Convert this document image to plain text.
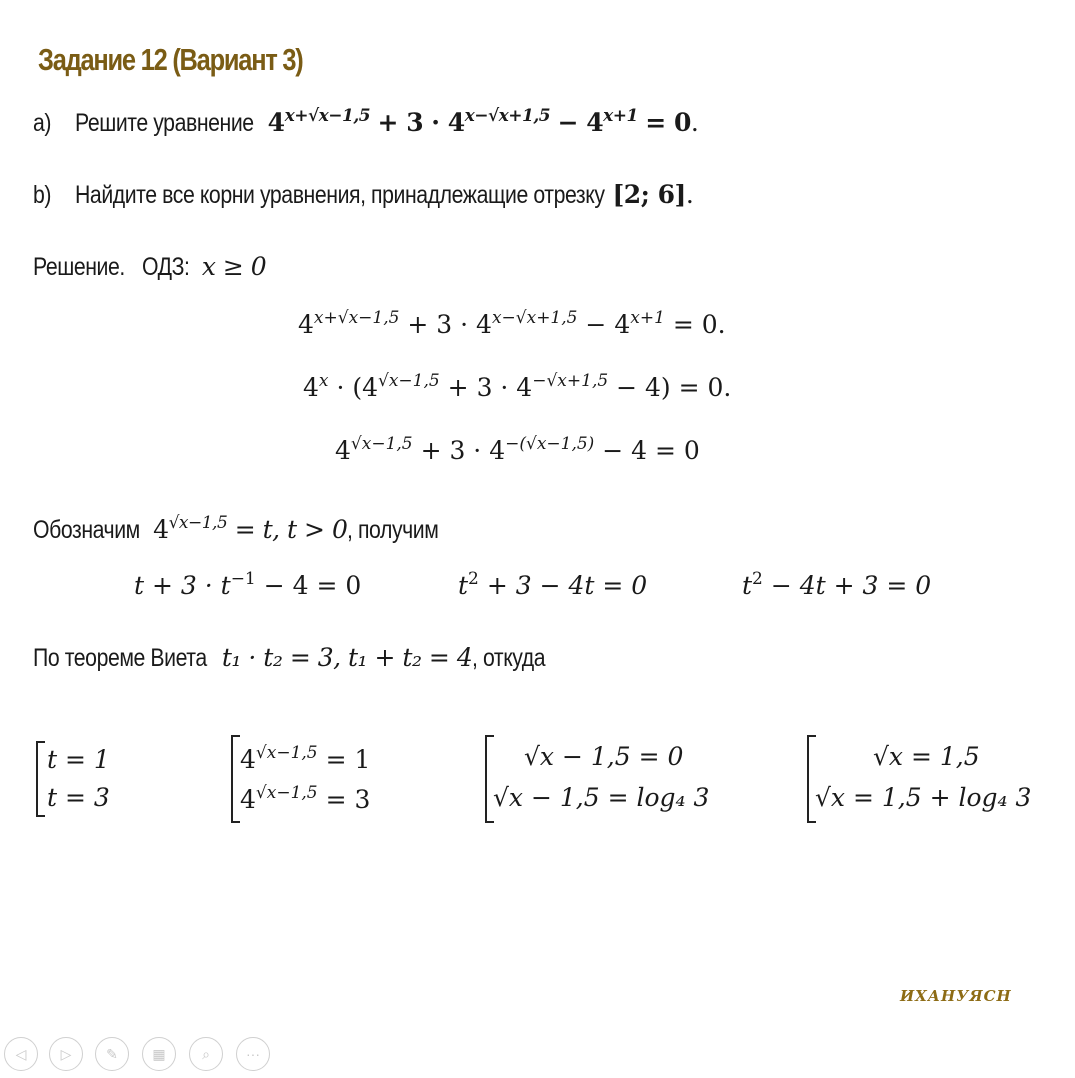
Задание 12 (Вариант 3)
a) Решите уравнение $4^{x+√x-1,5} + 3 \cdot 4^{x-√x+1,5} - 4^{x+1} = 0$.
b) Найдите все корни уравнения, принадлежащие отрезку [2; 6].
Решение. ОДЗ: x ≥ 0
$4^{x+√x-1,5} + 3 \cdot 4^{x-√x+1,5} - 4^{x+1} = 0$.
$4^x \cdot (4^{√x-1,5} + 3 \cdot 4^{-√x+1,5} - 4) = 0$.
$4^{√x-1,5} + 3 \cdot 4^{-(√x-1,5)} - 4 = 0$
Обозначим $4^{√x-1,5} = t$, t > 0, получим
$t + 3 \cdot t^{-1} - 4 = 0$	$t^2 + 3 - 4t = 0$	$t^2 - 4t + 3 = 0$
По теореме Виета t₁ · t₂ = 3, t₁ + t₂ = 4, откуда
t = 1
t = 3
$4^{√x-1,5} = 1$
$4^{√x-1,5} = 3$
√x − 1,5 = 0
√x − 1,5 = log₄ 3
√x = 1,5
√x = 1,5 + log₄ 3
ИХАНУЯСН
◁	▷	✎	▦	⌕	···
